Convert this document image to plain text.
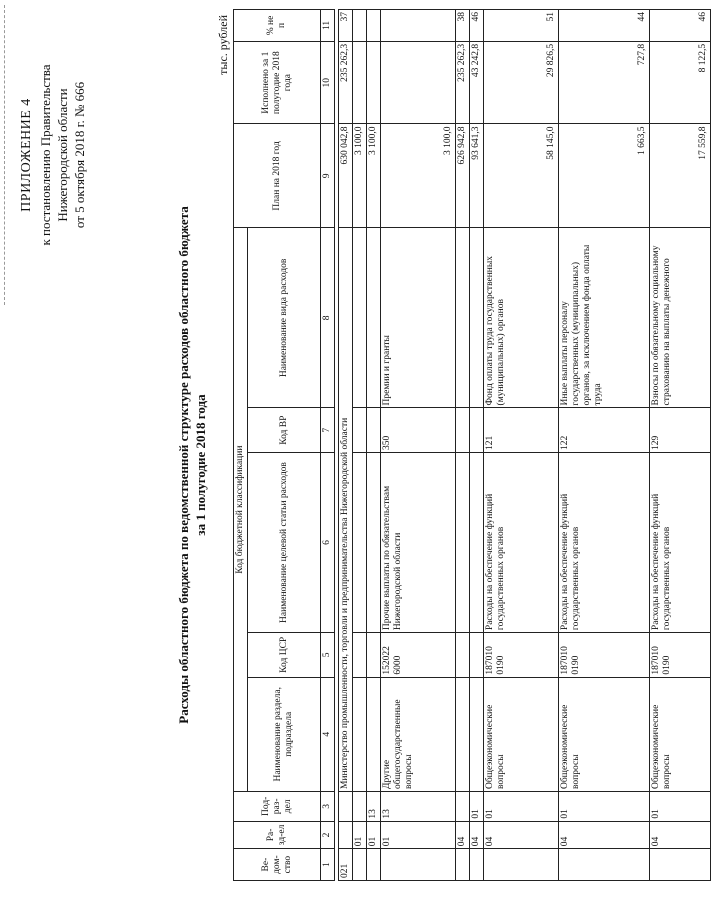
ПРИЛОЖЕНИЕ 4 к постановлению Правительства Нижегородской области от 5 октября 2018 г. № 666
Расходы областного бюджета по ведомственной структуре расходов областного бюджета за 1 полугодие 2018 года
тыс. рублей
Ве-дом-ство	Ра-зд-ел	Под-раз-дел	Код бюджетной классификации					План на 2018 год	Исполнено за 1 полугодие 2018 года	% не п
			Наименование раздела, подраздела	Код ЦСР	Наименование целевой статьи расходов	Код ВР	Наименование вида расходов			
1	2	3	4	5	6	7	8	9	10	11

021			Министерство промышленности, торговли и предпринимательства Нижегородской области					630 042,8	235 262,3	37
	01							3 100,0		
	01	13						3 100,0		
	01	13	Другие общегосударственные вопросы	152022 6000	Прочие выплаты по обязательствам Нижегородской области	350	Премии и гранты	3 100,0		
	04							626 942,8	235 262,3	38
	04	01						93 641,3	43 242,8	46
	04	01	Общеэкономические вопросы	187010 0190	Расходы на обеспечение функций государственных органов	121	Фонд оплаты труда государственных (муниципальных) органов	58 145,0	29 826,5	51
	04	01	Общеэкономические вопросы	187010 0190	Расходы на обеспечение функций государственных органов	122	Иные выплаты персоналу государственных (муниципальных) органов, за исключением фонда оплаты труда	1 663,5	727,8	44
	04	01	Общеэкономические вопросы	187010 0190	Расходы на обеспечение функций государственных органов	129	Взносы по обязательному социальному страхованию на выплаты денежного	17 559,8	8 122,5	46
